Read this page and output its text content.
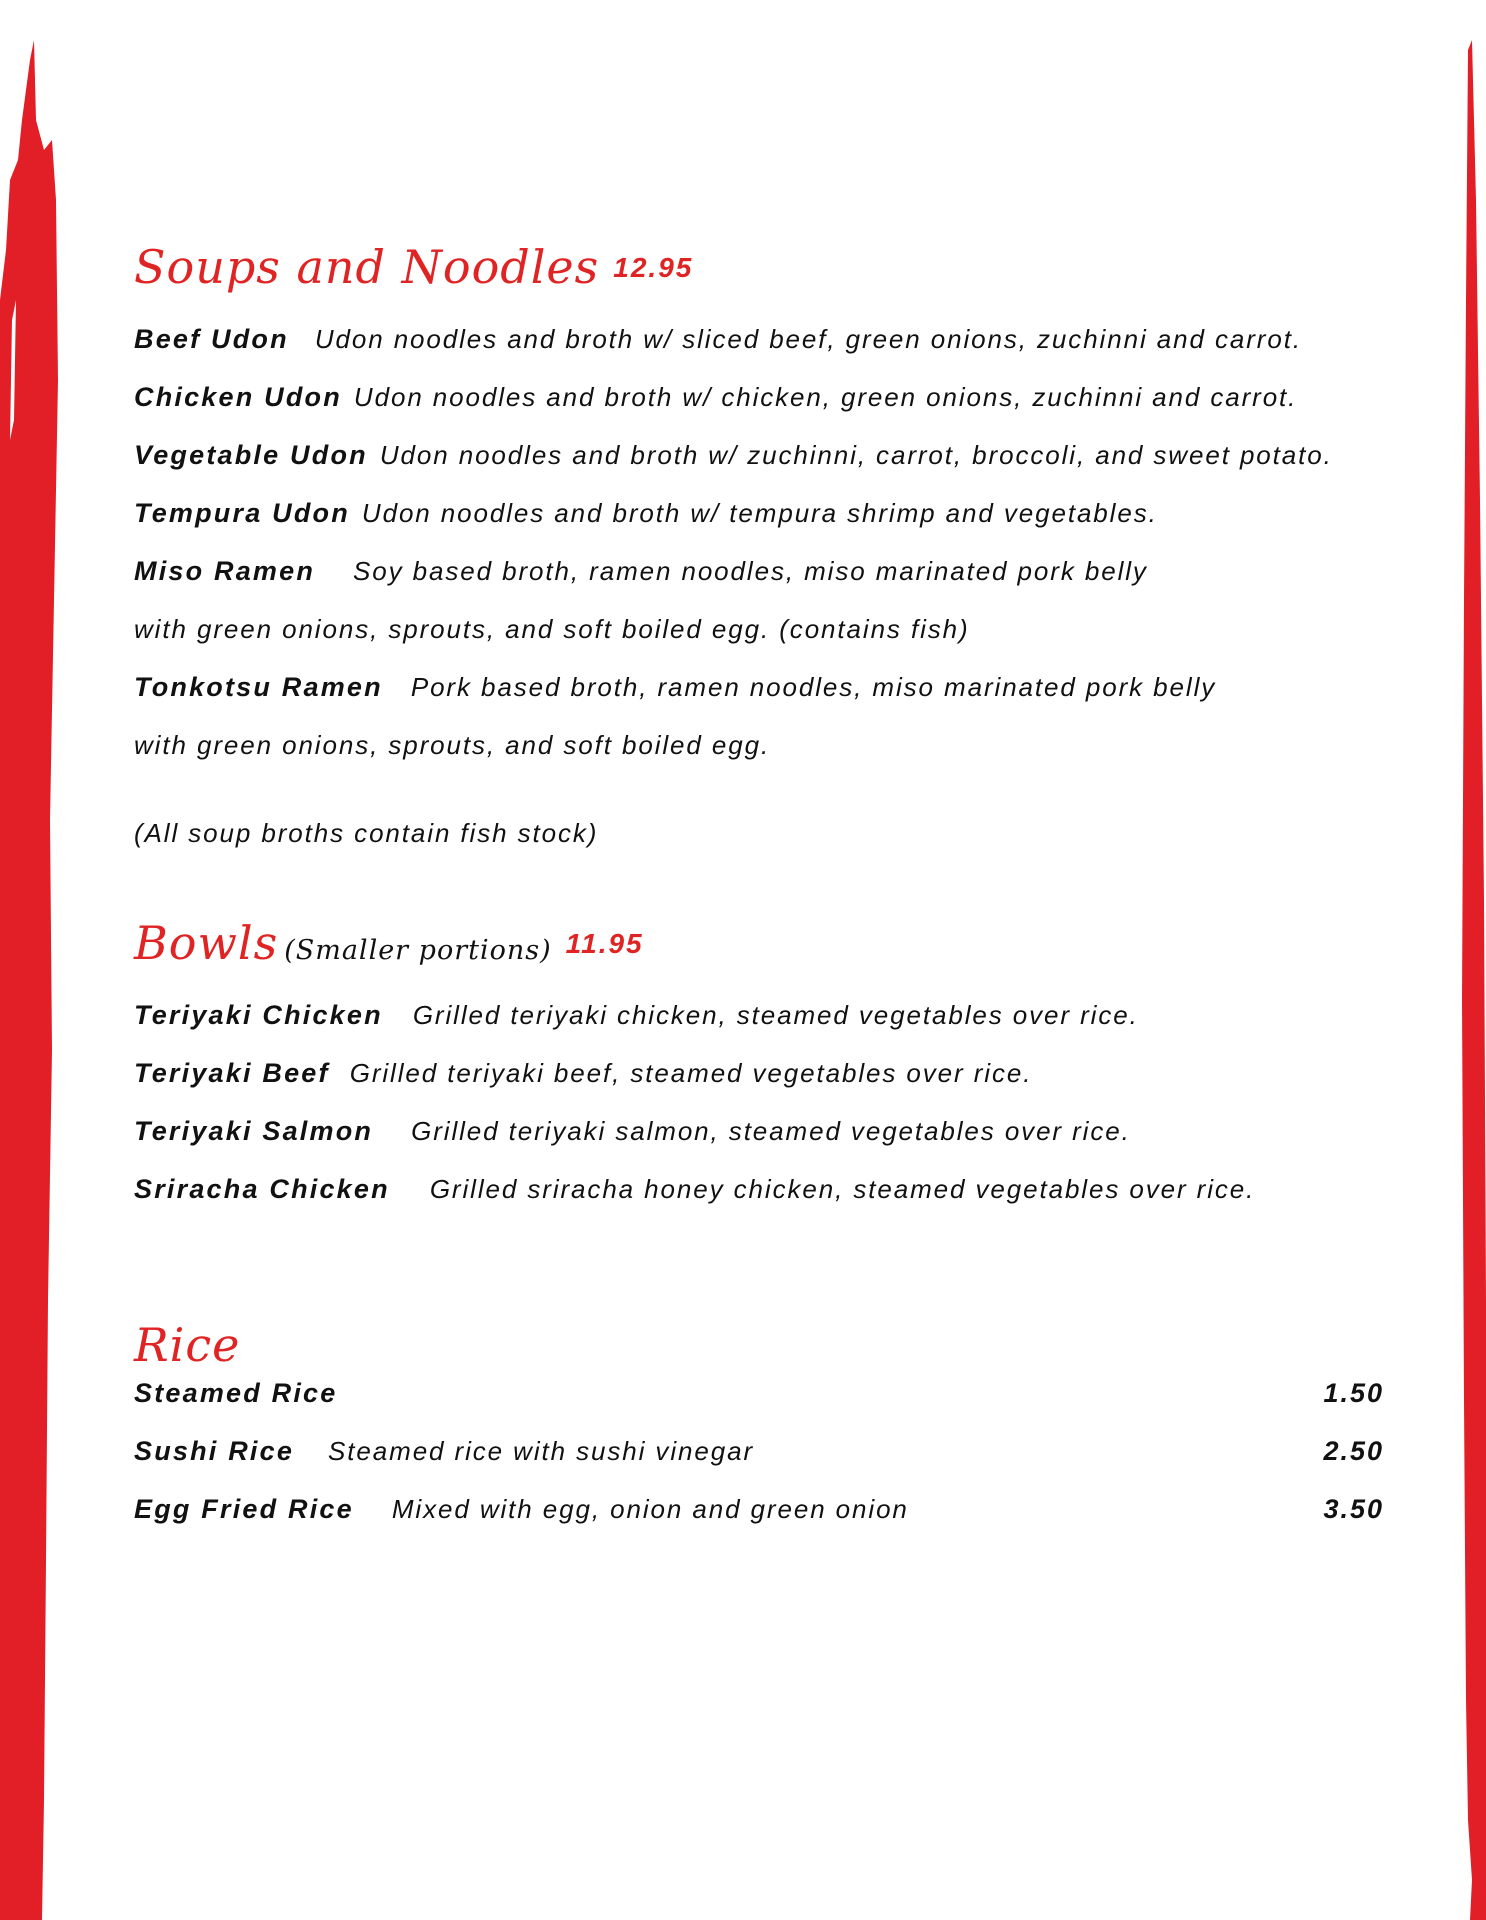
Soups and Noodles 12.95
Beef Udon Udon noodles and broth w/ sliced beef, green onions, zuchinni and carrot.
Chicken Udon Udon noodles and broth w/ chicken, green onions, zuchinni and carrot.
Vegetable Udon Udon noodles and broth w/ zuchinni, carrot, broccoli, and sweet potato.
Tempura Udon Udon noodles and broth w/ tempura shrimp and vegetables.
Miso Ramen Soy based broth, ramen noodles, miso marinated pork belly
with green onions, sprouts, and soft boiled egg. (contains fish)
Tonkotsu Ramen Pork based broth, ramen noodles, miso marinated pork belly
with green onions, sprouts, and soft boiled egg.
(All soup broths contain fish stock)
Bowls (Smaller portions) 11.95
Teriyaki Chicken Grilled teriyaki chicken, steamed vegetables over rice.
Teriyaki Beef Grilled teriyaki beef, steamed vegetables over rice.
Teriyaki Salmon Grilled teriyaki salmon, steamed vegetables over rice.
Sriracha Chicken Grilled sriracha honey chicken, steamed vegetables over rice.
Rice
Steamed Rice	1.50
Sushi Rice Steamed rice with sushi vinegar	2.50
Egg Fried Rice Mixed with egg, onion and green onion	3.50
